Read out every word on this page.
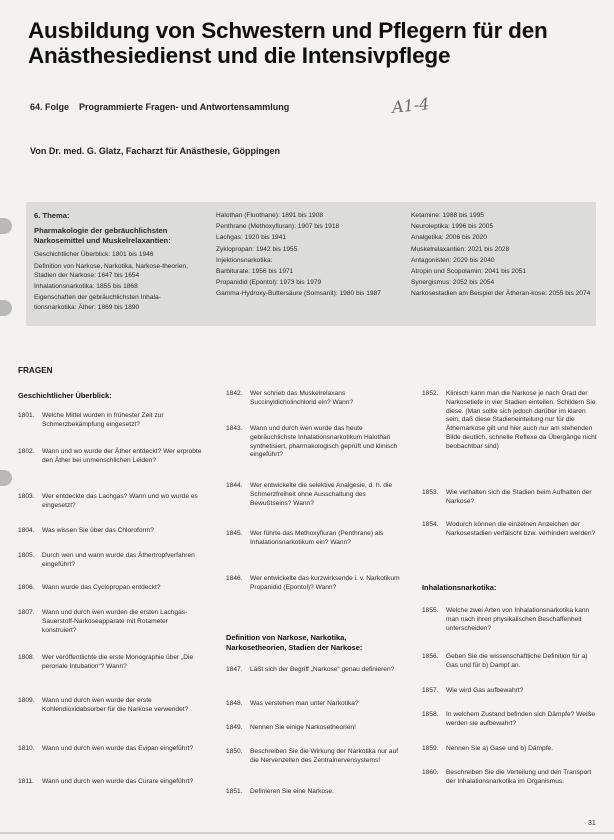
Ausbildung von Schwestern und Pflegern für den
Anästhesiedienst und die Intensivpflege
64. Folge Programmierte Fragen- und Antwortensammlung	A1-4
Von Dr. med. G. Glatz, Facharzt für Anästhesie, Göppingen
6. Thema:
Pharmakologie der gebräuchlichsten
Narkosemittel und Muskelrelaxantien:
Geschichtlicher Überblick: 1801 bis 1946
Definition von Narkose, Narkotika, Narkose-theorien, Stadien der Narkose: 1647 bis 1654
Inhalationsnarkotika: 1855 bis 1868
Eigenschaften der gebräuchlichsten Inhala-tionsnarkotika: Äther: 1869 bis 1890
Halothan (Fluothane): 1891 bis 1908
Penthrane (Methoxyfluran): 1907 bis 1918
Lachgas: 1920 bis 1941
Zyklopropan: 1942 bis 1955
Injektionsnarkotika:
Barbiturate: 1956 bis 1971
Propanidid (Epontol): 1973 bis 1979
Gamma-Hydroxy-Buttersäure (Somsanit): 1980 bis 1987
Ketamine: 1988 bis 1995
Neuroleptika: 1996 bis 2005
Analgetika: 2006 bis 2020
Muskelrelaxantien: 2021 bis 2028
Antagonisten: 2029 bis 2040
Atropin und Scopolamin: 2041 bis 2051
Synergismus: 2052 bis 2054
Narkosestadien am Beispiel der Ätheran-kose: 2055 bis 2074
FRAGEN
Geschichtlicher Überblick:
1801.	Welche Mittel wurden in frühester Zeit zur Schmerzbekämpfung eingesetzt?
1802.	Wann und wo wurde der Äther entdeckt? Wer erprobte den Äther bei unmenschlichen Leiden?
1803.	Wer entdeckte das Lachgas? Wann und wo wurde es eingesetzt?
1804.	Was wissen Sie über das Chloroform?
1805.	Durch wen und wann wurde das Äthertropfverfahren eingeführt?
1806.	Wann wurde das Cyclopropan entdeckt?
1807.	Wann und durch wen wurden die ersten Lachgas-Sauerstoff-Narkoseapparate mit Rotameter konstruiert?
1808.	Wer veröffentlichte die erste Monographie über „Die peroriale Intubation“? Wann?
1809.	Wann und durch wen wurde der erste Kohlendioxidabsorber für die Narkose verwendet?
1810.	Wann und durch wen wurde das Evipan eingeführt?
1811.	Wann und durch wen wurde das Curare eingeführt?
1842.	Wer schrieb das Muskelrelaxans Succinyldicholinchlorid ein? Wann?
1843.	Wann und durch wen wurde das heute gebräuchlichste Inhalationsnarkotikum Halothan synthetisiert, pharmakologisch geprüft und klinisch eingeführt?
1844.	Wer entwickelte die selektive Analgesie, d. h. die Schmerzfreiheit ohne Ausschaltung des Bewußtseins? Wann?
1845.	Wer führte das Methoxyfluran (Penthrane) als Inhalationsnarkotikum ein? Wann?
1846.	Wer entwickelte das kurzwirksende i. v. Narkotikum Propanidid (Epontol)? Wann?
Definition von Narkose, Narkotika, Narkosetheorien, Stadien der Narkose:
1847.	Läßt sich der Begriff „Narkose“ genau definieren?
1848.	Was verstehen man unter Narkotika?
1849.	Nennen Sie einige Narkosetheorien!
1850.	Beschreiben Sie die Wirkung der Narkotika nur auf die Nervenzellen des Zentralnervensystems!
1851.	Definieren Sie eine Narkose.
1852.	Klinisch kann man die Narkose je nach Grad der Narkosetiefe in vier Stadien einteilen. Schildern Sie diese. (Man sollte sich jedoch darüber im klaren sein, daß diese Stadieneinteilung nur für die Äthernarkose gilt und hier auch nur am stehenden Bilde deutlich, schnelle Reflexe da Übergänge nicht beobachtbar sind)
1853.	Wie verhalten sich die Stadien beim Aufhalten der Narkose?
1854.	Wodurch können die einzelnen Anzeichen der Narkosestadien verfälscht bzw. verhindert werden?
Inhalationsnarkotika:
1855.	Welche zwei Arten von Inhalationsnarkotika kann man nach ihren physikalischen Beschaffenheit unterscheiden?
1856.	Geben Sie die wissenschaftliche Definition für a) Gas und für b) Dampf an.
1857.	Wie wird Gas aufbewahrt?
1858.	In welchem Zustand befinden sich Dämpfe? Weiße werden sie aufbewahrt?
1859.	Nennen Sie a) Gase und b) Dämpfe.
1860.	Beschreiben Sie die Verteilung und den Transport der Inhalationsnarkotika im Organismus.
31
